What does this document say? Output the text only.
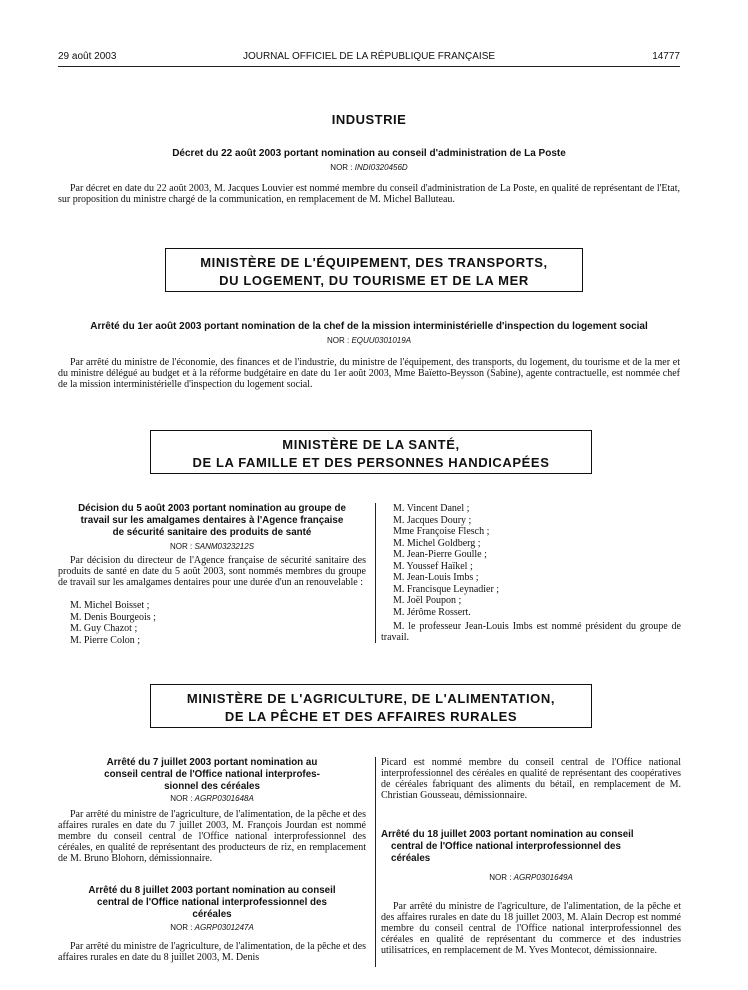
29 août 2003	JOURNAL OFFICIEL DE LA RÉPUBLIQUE FRANÇAISE	14777
INDUSTRIE
Décret du 22 août 2003 portant nomination au conseil d'administration de La Poste
NOR : INDI0320456D
Par décret en date du 22 août 2003, M. Jacques Louvier est nommé membre du conseil d'administration de La Poste, en qualité de représentant de l'Etat, sur proposition du ministre chargé de la communication, en remplacement de M. Michel Balluteau.
MINISTÈRE DE L'ÉQUIPEMENT, DES TRANSPORTS,
DU LOGEMENT, DU TOURISME ET DE LA MER
Arrêté du 1er août 2003 portant nomination de la chef de la mission interministérielle d'inspection du logement social
NOR : EQUU0301019A
Par arrêté du ministre de l'économie, des finances et de l'industrie, du ministre de l'équipement, des transports, du logement, du tourisme et de la mer et du ministre délégué au budget et à la réforme budgétaire en date du 1er août 2003, Mme Baïetto-Beysson (Sabine), agente contractuelle, est nommée chef de la mission interministérielle d'inspection du logement social.
MINISTÈRE DE LA SANTÉ,
DE LA FAMILLE ET DES PERSONNES HANDICAPÉES
Décision du 5 août 2003 portant nomination au groupe de
travail sur les amalgames dentaires à l'Agence française
de sécurité sanitaire des produits de santé
NOR : SANM0323212S
Par décision du directeur de l'Agence française de sécurité sanitaire des produits de santé en date du 5 août 2003, sont nommés membres du groupe de travail sur les amalgames dentaires pour une durée d'un an renouvelable :
M. Michel Boisset ;
M. Denis Bourgeois ;
M. Guy Chazot ;
M. Pierre Colon ;
M. Vincent Danel ;
M. Jacques Doury ;
Mme Françoise Flesch ;
M. Michel Goldberg ;
M. Jean-Pierre Goulle ;
M. Youssef Haïkel ;
M. Jean-Louis Imbs ;
M. Francisque Leynadier ;
M. Joël Poupon ;
M. Jérôme Rossert.
M. le professeur Jean-Louis Imbs est nommé président du groupe de travail.
MINISTÈRE DE L'AGRICULTURE, DE L'ALIMENTATION,
DE LA PÊCHE ET DES AFFAIRES RURALES
Arrêté du 7 juillet 2003 portant nomination au
conseil central de l'Office national interprofes-
sionnel des céréales
NOR : AGRP0301648A
Par arrêté du ministre de l'agriculture, de l'alimentation, de la pêche et des affaires rurales en date du 7 juillet 2003, M. François Jourdan est nommé membre du conseil central de l'Office national interprofessionnel des céréales, en qualité de représentant des producteurs de riz, en remplacement de M. Bruno Blohorn, démissionnaire.
Arrêté du 8 juillet 2003 portant nomination au conseil
central de l'Office national interprofessionnel des
céréales
NOR : AGRP0301247A
Par arrêté du ministre de l'agriculture, de l'alimentation, de la pêche et des affaires rurales en date du 8 juillet 2003, M. Denis
Picard est nommé membre du conseil central de l'Office national interprofessionnel des céréales en qualité de représentant des coopératives de céréales fabriquant des aliments du bétail, en remplacement de M. Christian Gousseau, démissionnaire.
Arrêté du 18 juillet 2003 portant nomination au conseil
central de l'Office national interprofessionnel des
céréales
NOR : AGRP0301649A
Par arrêté du ministre de l'agriculture, de l'alimentation, de la pêche et des affaires rurales en date du 18 juillet 2003, M. Alain Decrop est nommé membre du conseil central de l'Office national interprofessionnel des céréales en qualité de représentant du commerce et des industries utilisatrices, en remplacement de M. Yves Montecot, démissionnaire.
